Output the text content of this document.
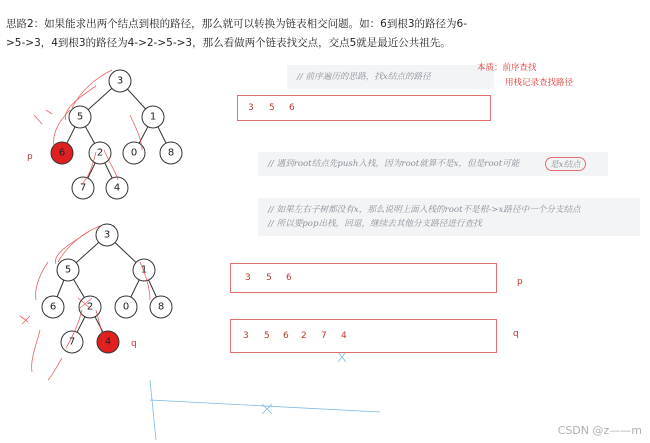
思路2：如果能求出两个结点到根的路径，那么就可以转换为链表相交问题。如：6到根3的路径为6-

>5->3，4到根3的路径为4->2->5->3，那么看做两个链表找交点，交点5就是最近公共祖先。

3
5	1
6	2	0	8
7	4
3
5	1
6	2	0	8
7	4
// 前序遍历的思路，找x结点的路径
// 遇到root结点先push入栈，因为root就算不是x，但是root可能	是x结点
// 如果左右子树都没有x，那么说明上面入栈的root不是根->x路径中一个分支结点
// 所以要pop出栈，回退，继续去其他分支路径进行查找
本质：前序查找
用栈记录查找路径
3 5 6
3 5 6
3 5 6 2 7 4
p
p
q
q
CSDN @z——m
